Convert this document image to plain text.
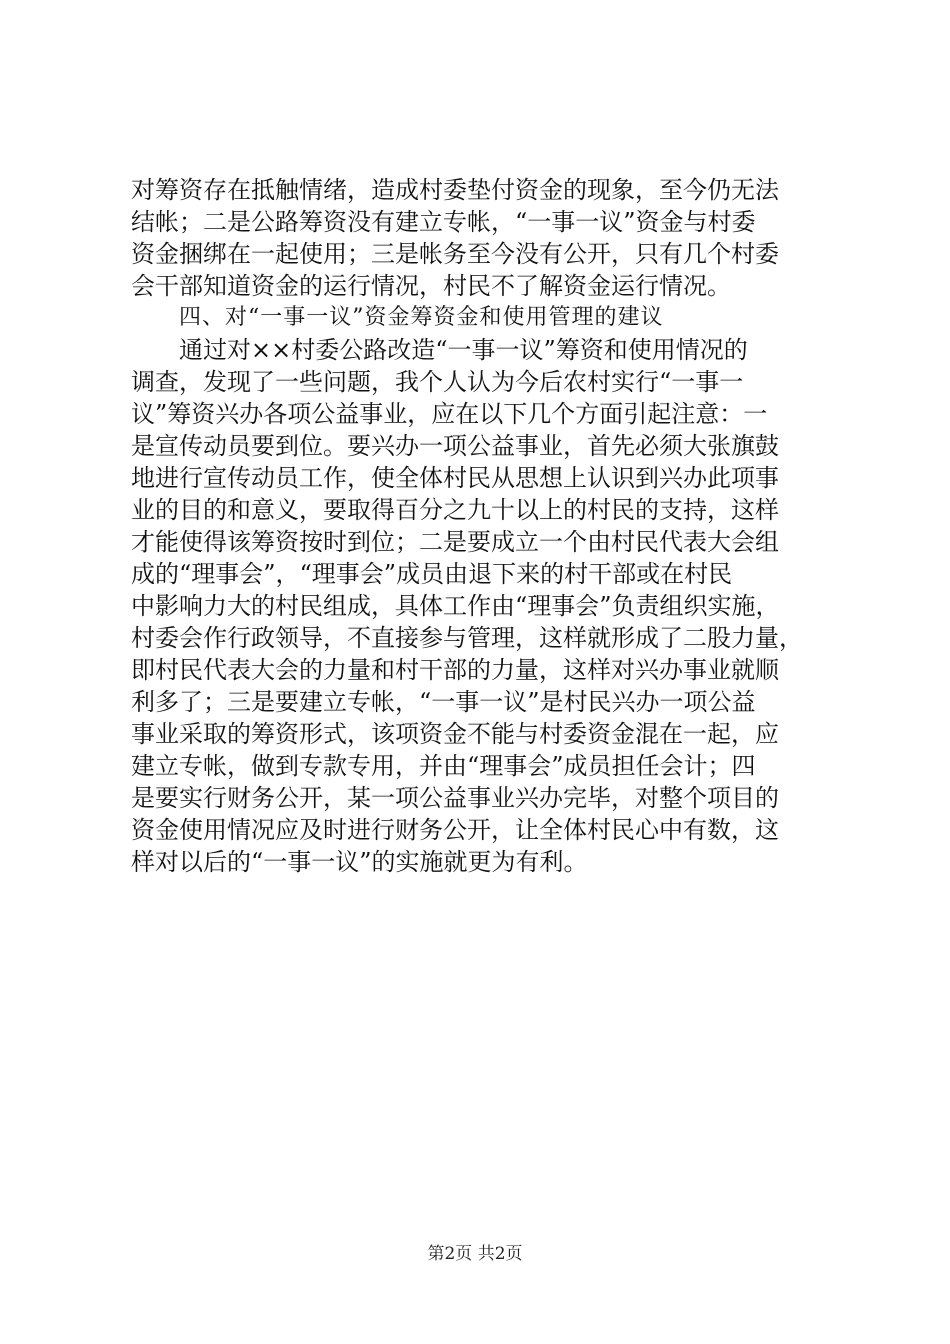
对筹资存在抵触情绪，造成村委垫付资金的现象，至今仍无法
结帐；二是公路筹资没有建立专帐，“一事一议”资金与村委
资金捆绑在一起使用；三是帐务至今没有公开，只有几个村委
会干部知道资金的运行情况，村民不了解资金运行情况。
四、对“一事一议”资金筹资金和使用管理的建议
通过对××村委公路改造“一事一议”筹资和使用情况的
调查，发现了一些问题，我个人认为今后农村实行“一事一
议”筹资兴办各项公益事业，应在以下几个方面引起注意：一
是宣传动员要到位。要兴办一项公益事业，首先必须大张旗鼓
地进行宣传动员工作，使全体村民从思想上认识到兴办此项事
业的目的和意义，要取得百分之九十以上的村民的支持，这样
才能使得该筹资按时到位；二是要成立一个由村民代表大会组
成的“理事会”，“理事会”成员由退下来的村干部或在村民
中影响力大的村民组成，具体工作由“理事会”负责组织实施，
村委会作行政领导，不直接参与管理，这样就形成了二股力量，
即村民代表大会的力量和村干部的力量，这样对兴办事业就顺
利多了；三是要建立专帐，“一事一议”是村民兴办一项公益
事业采取的筹资形式，该项资金不能与村委资金混在一起，应
建立专帐，做到专款专用，并由“理事会”成员担任会计；四
是要实行财务公开，某一项公益事业兴办完毕，对整个项目的
资金使用情况应及时进行财务公开，让全体村民心中有数，这
样对以后的“一事一议”的实施就更为有利。
第2页 共2页
